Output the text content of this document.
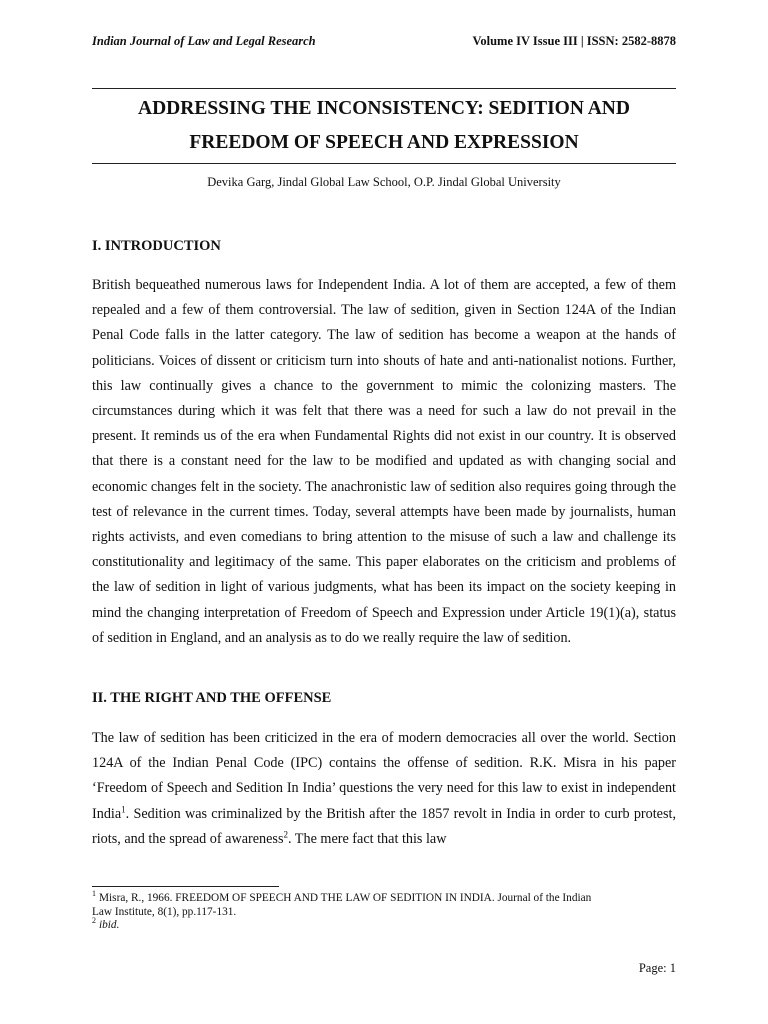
Indian Journal of Law and Legal Research	Volume IV Issue III | ISSN: 2582-8878
ADDRESSING THE INCONSISTENCY: SEDITION AND
FREEDOM OF SPEECH AND EXPRESSION

Devika Garg, Jindal Global Law School, O.P. Jindal Global University

I. INTRODUCTION

British bequeathed numerous laws for Independent India. A lot of them are accepted, a few of them repealed and a few of them controversial. The law of sedition, given in Section 124A of the Indian Penal Code falls in the latter category. The law of sedition has become a weapon at the hands of politicians. Voices of dissent or criticism turn into shouts of hate and anti-nationalist notions. Further, this law continually gives a chance to the government to mimic the colonizing masters. The circumstances during which it was felt that there was a need for such a law do not prevail in the present. It reminds us of the era when Fundamental Rights did not exist in our country. It is observed that there is a constant need for the law to be modified and updated as with changing social and economic changes felt in the society. The anachronistic law of sedition also requires going through the test of relevance in the current times. Today, several attempts have been made by journalists, human rights activists, and even comedians to bring attention to the misuse of such a law and challenge its constitutionality and legitimacy of the same. This paper elaborates on the criticism and problems of the law of sedition in light of various judgments, what has been its impact on the society keeping in mind the changing interpretation of Freedom of Speech and Expression under Article 19(1)(a), status of sedition in England, and an analysis as to do we really require the law of sedition.

II. THE RIGHT AND THE OFFENSE

The law of sedition has been criticized in the era of modern democracies all over the world. Section 124A of the Indian Penal Code (IPC) contains the offense of sedition. R.K. Misra in his paper ‘Freedom of Speech and Sedition In India’ questions the very need for this law to exist in independent India$^1$. Sedition was criminalized by the British after the 1857 revolt in India in order to curb protest, riots, and the spread of awareness$^2$. The mere fact that this law

$^1$ Misra, R., 1966. FREEDOM OF SPEECH AND THE LAW OF SEDITION IN INDIA. Journal of the Indian
Law Institute, 8(1), pp.117-131.
$^2$ ibid.
Page: 1
